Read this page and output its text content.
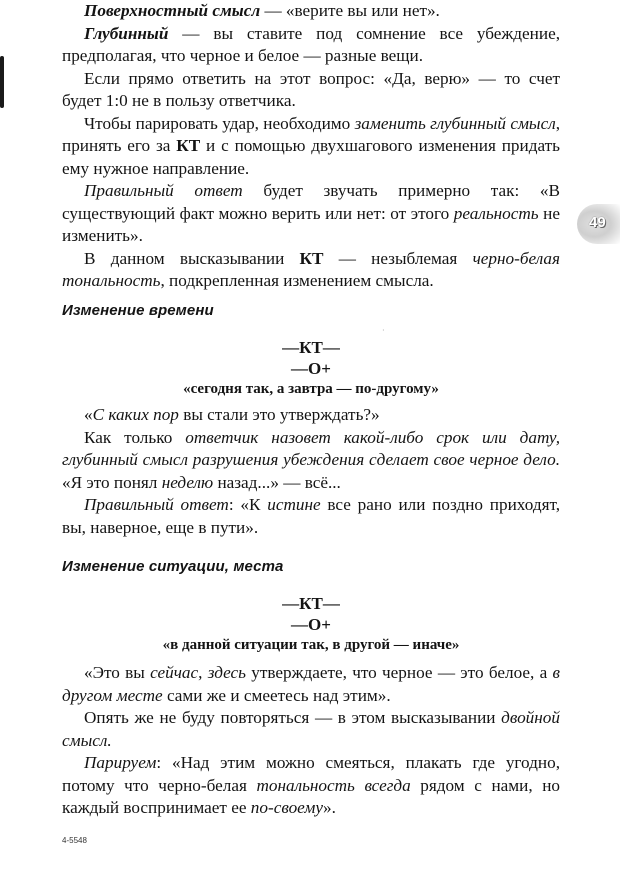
49

Поверхностный смысл — «верите вы или нет».

Глубинный — вы ставите под сомнение все убеждение, предполагая, что черное и белое — разные вещи.

Если прямо ответить на этот вопрос: «Да, верю» — то счет будет 1:0 не в пользу ответчика.

Чтобы парировать удар, необходимо заменить глубинный смысл, принять его за КТ и с помощью двухшагового изменения придать ему нужное направление.

Правильный ответ будет звучать примерно так: «В существующий факт можно верить или нет: от этого реальность не изменить».

В данном высказывании КТ — незыблемая черно-белая тональность, подкрепленная изменением смысла.

Изменение времени
·
—КТ—
—О+
«сегодня так, а завтра — по-другому»

«С каких пор вы стали это утверждать?»

Как только ответчик назовет какой-либо срок или дату, глубинный смысл разрушения убеждения сделает свое черное дело. «Я это понял неделю назад...» — всё...

Правильный ответ: «К истине все рано или поздно приходят, вы, наверное, еще в пути».

Изменение ситуации, места
—КТ—
—О+
«в данной ситуации так, в другой — иначе»

«Это вы сейчас, здесь утверждаете, что черное — это белое, а в другом месте сами же и смеетесь над этим».

Опять же не буду повторяться — в этом высказывании двойной смысл.

Парируем: «Над этим можно смеяться, плакать где угодно, потому что черно-белая тональность всегда рядом с нами, но каждый воспринимает ее по-своему».

4-5548
